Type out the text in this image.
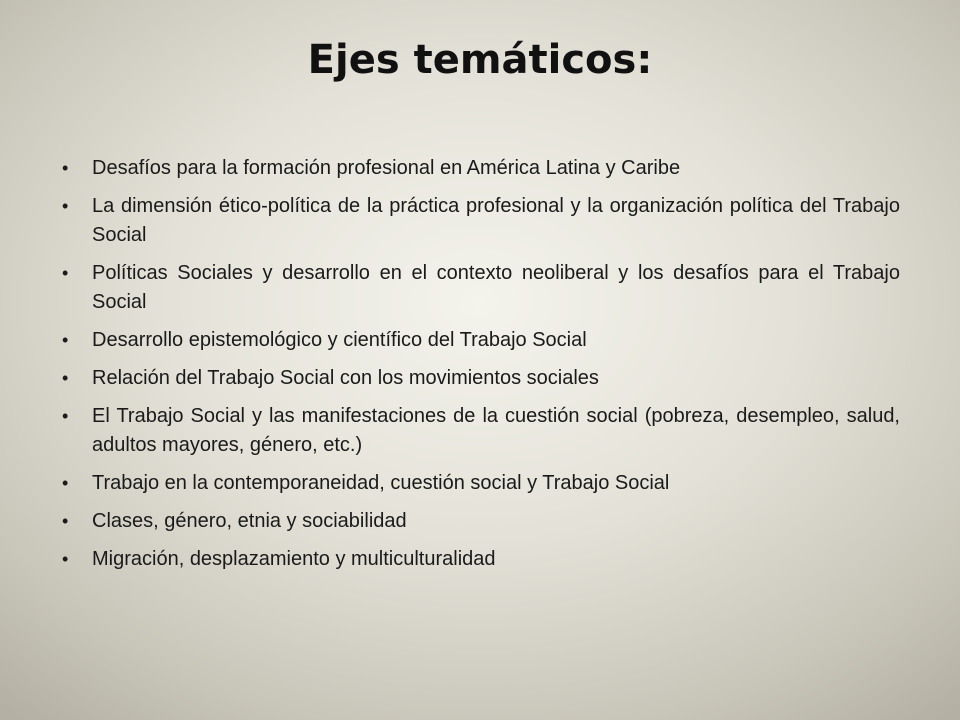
Ejes temáticos:
• Desafíos para la formación profesional en América Latina y Caribe
• La dimensión ético-política de la práctica profesional y la organización política del Trabajo Social
• Políticas Sociales y desarrollo en el contexto neoliberal y los desafíos para el Trabajo Social
• Desarrollo epistemológico y científico del Trabajo Social
• Relación del Trabajo Social con los movimientos sociales
• El Trabajo Social y las manifestaciones de la cuestión social (pobreza, desempleo, salud, adultos mayores, género, etc.)
• Trabajo en la contemporaneidad, cuestión social y Trabajo Social
• Clases, género, etnia y sociabilidad
• Migración, desplazamiento y multiculturalidad
